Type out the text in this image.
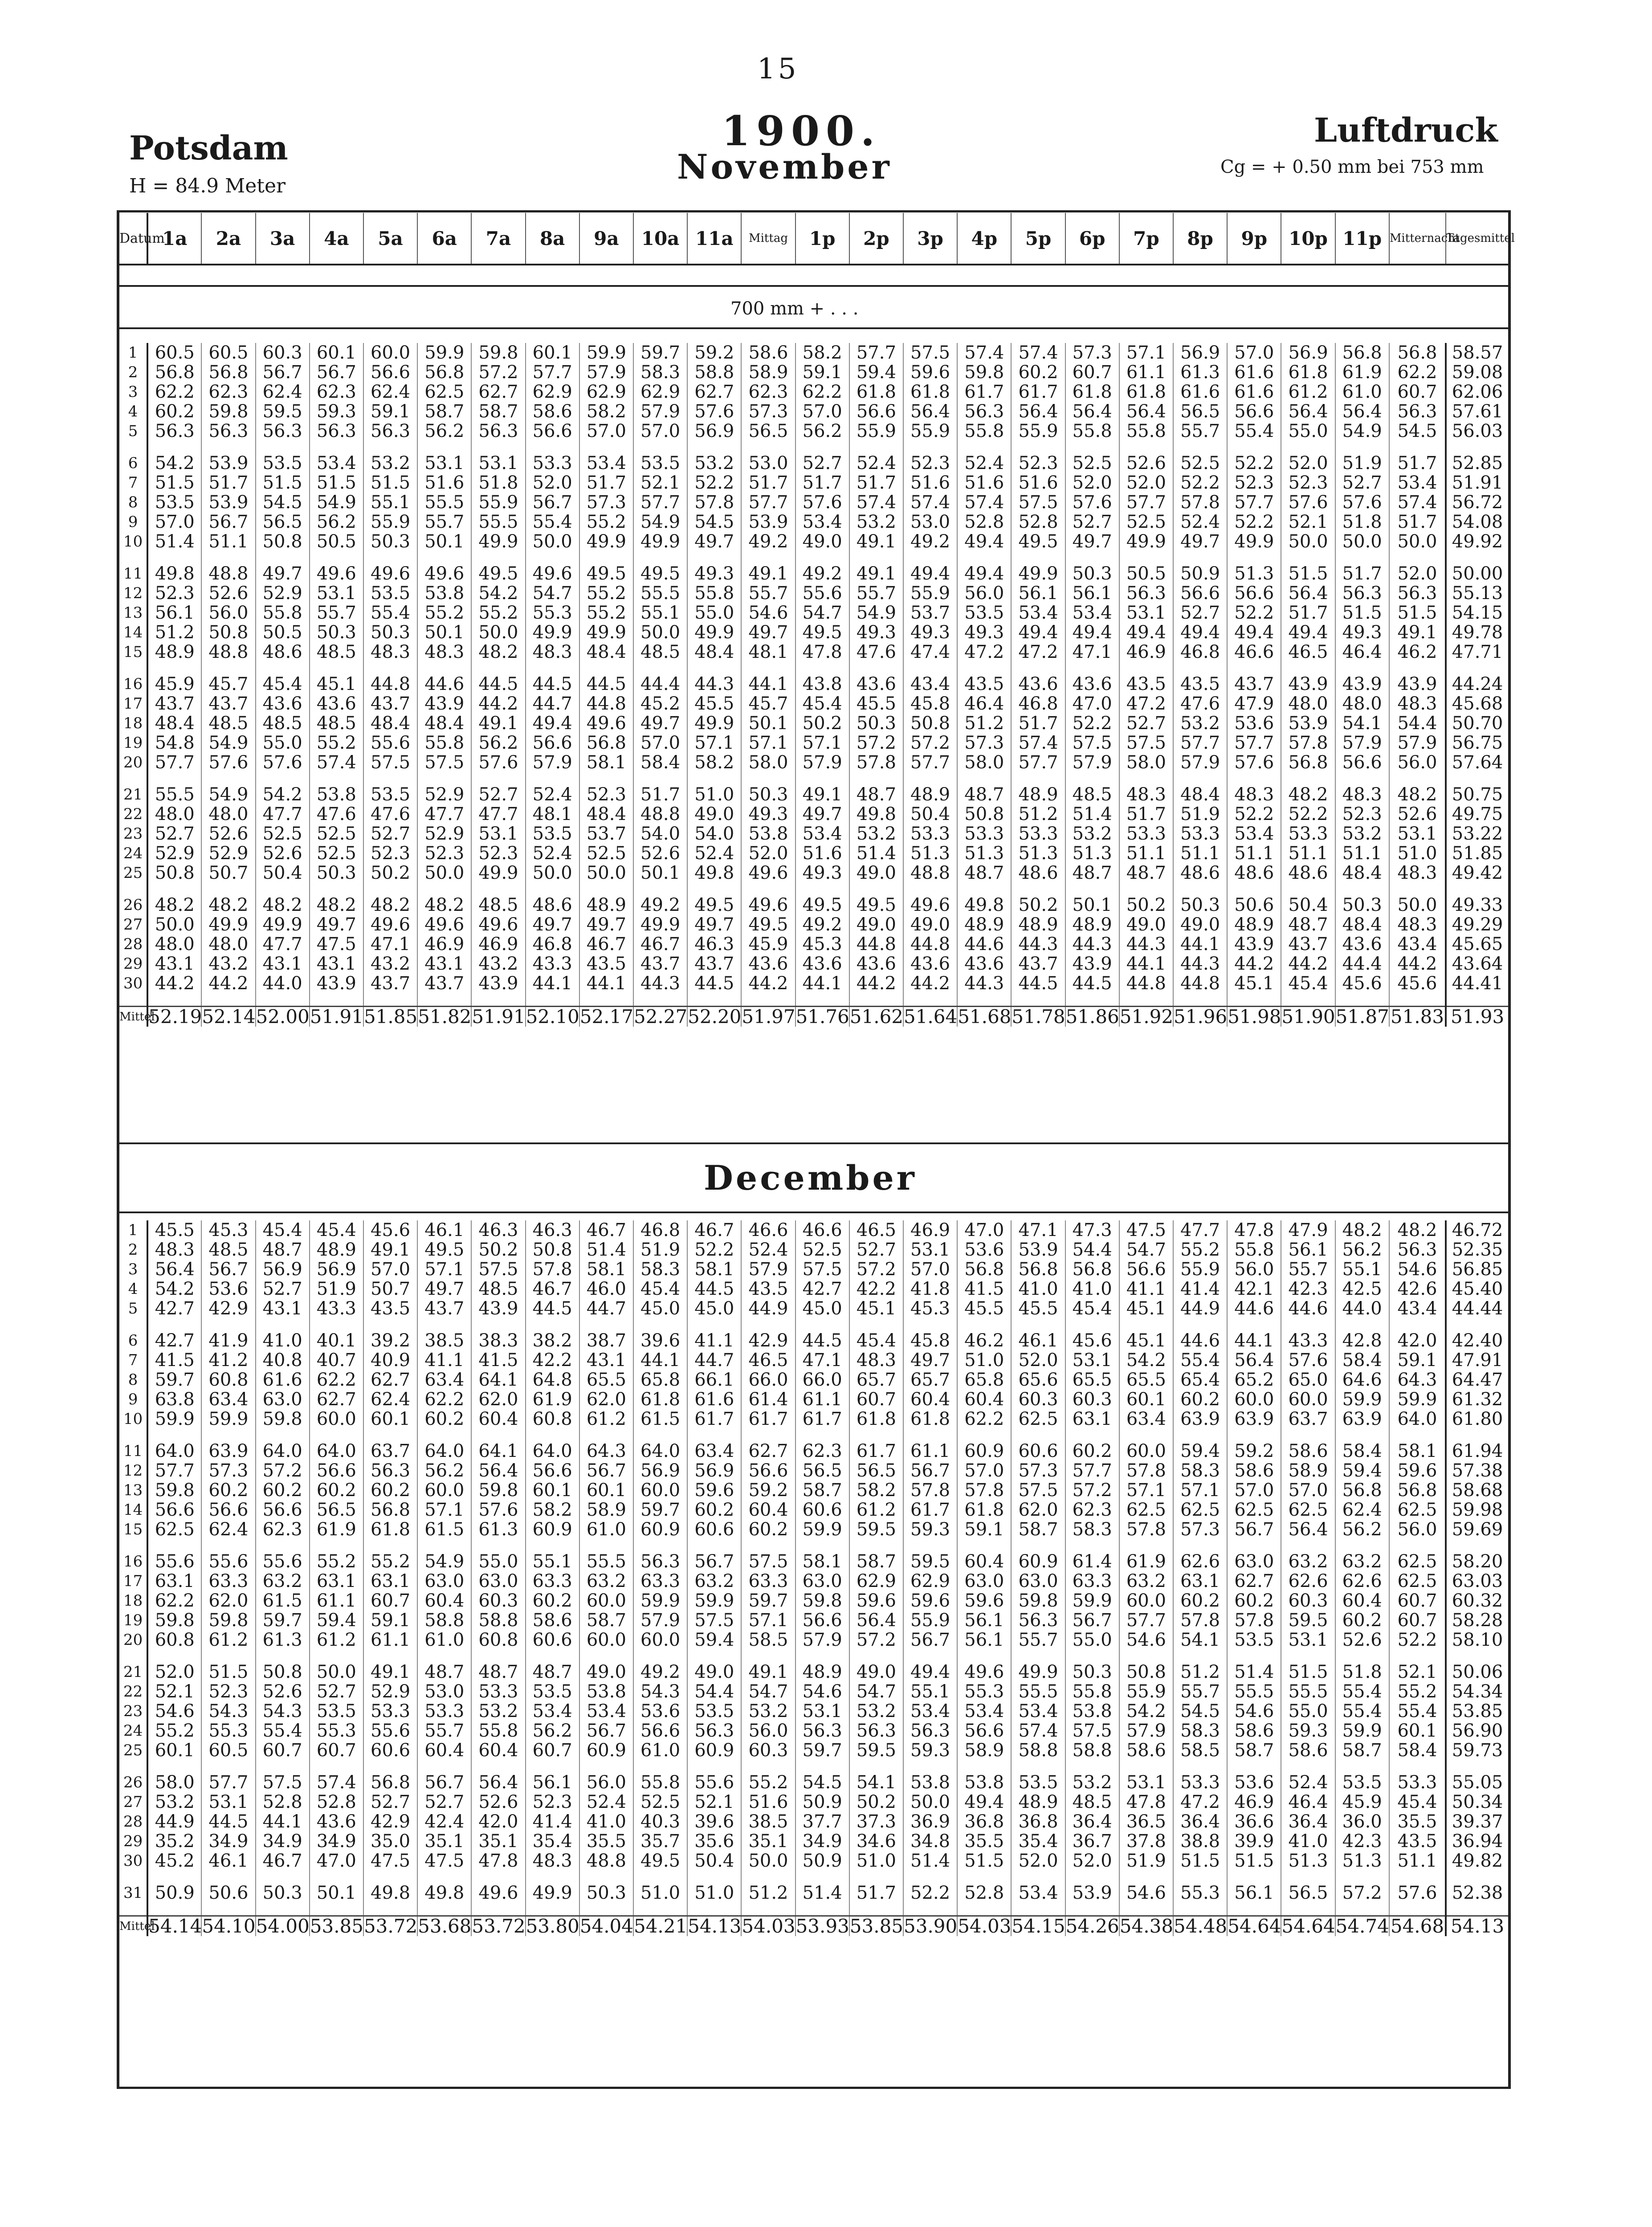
15
Potsdam
H = 84.9 Meter
1900.	Luftdruck
Cg = + 0.50 mm bei 753 mm
November
Datum	1a	2a	3a	4a	5a	6a	7a	8a	9a	10a	11a	Mittag	1p	2p	3p	4p	5p	6p	7p	8p	9p	10p	11p	Mitternacht	Tagesmittel
700 mm + . . .
1	60.5	60.5	60.3	60.1	60.0	59.9	59.8	60.1	59.9	59.7	59.2	58.6	58.2	57.7	57.5	57.4	57.4	57.3	57.1	56.9	57.0	56.9	56.8	56.8	58.57
2	56.8	56.8	56.7	56.7	56.6	56.8	57.2	57.7	57.9	58.3	58.8	58.9	59.1	59.4	59.6	59.8	60.2	60.7	61.1	61.3	61.6	61.8	61.9	62.2	59.08
3	62.2	62.3	62.4	62.3	62.4	62.5	62.7	62.9	62.9	62.9	62.7	62.3	62.2	61.8	61.8	61.7	61.7	61.8	61.8	61.6	61.6	61.2	61.0	60.7	62.06
4	60.2	59.8	59.5	59.3	59.1	58.7	58.7	58.6	58.2	57.9	57.6	57.3	57.0	56.6	56.4	56.3	56.4	56.4	56.4	56.5	56.6	56.4	56.4	56.3	57.61
5	56.3	56.3	56.3	56.3	56.3	56.2	56.3	56.6	57.0	57.0	56.9	56.5	56.2	55.9	55.9	55.8	55.9	55.8	55.8	55.7	55.4	55.0	54.9	54.5	56.03

6	54.2	53.9	53.5	53.4	53.2	53.1	53.1	53.3	53.4	53.5	53.2	53.0	52.7	52.4	52.3	52.4	52.3	52.5	52.6	52.5	52.2	52.0	51.9	51.7	52.85
7	51.5	51.7	51.5	51.5	51.5	51.6	51.8	52.0	51.7	52.1	52.2	51.7	51.7	51.7	51.6	51.6	51.6	52.0	52.0	52.2	52.3	52.3	52.7	53.4	51.91
8	53.5	53.9	54.5	54.9	55.1	55.5	55.9	56.7	57.3	57.7	57.8	57.7	57.6	57.4	57.4	57.4	57.5	57.6	57.7	57.8	57.7	57.6	57.6	57.4	56.72
9	57.0	56.7	56.5	56.2	55.9	55.7	55.5	55.4	55.2	54.9	54.5	53.9	53.4	53.2	53.0	52.8	52.8	52.7	52.5	52.4	52.2	52.1	51.8	51.7	54.08
10	51.4	51.1	50.8	50.5	50.3	50.1	49.9	50.0	49.9	49.9	49.7	49.2	49.0	49.1	49.2	49.4	49.5	49.7	49.9	49.7	49.9	50.0	50.0	50.0	49.92

11	49.8	48.8	49.7	49.6	49.6	49.6	49.5	49.6	49.5	49.5	49.3	49.1	49.2	49.1	49.4	49.4	49.9	50.3	50.5	50.9	51.3	51.5	51.7	52.0	50.00
12	52.3	52.6	52.9	53.1	53.5	53.8	54.2	54.7	55.2	55.5	55.8	55.7	55.6	55.7	55.9	56.0	56.1	56.1	56.3	56.6	56.6	56.4	56.3	56.3	55.13
13	56.1	56.0	55.8	55.7	55.4	55.2	55.2	55.3	55.2	55.1	55.0	54.6	54.7	54.9	53.7	53.5	53.4	53.4	53.1	52.7	52.2	51.7	51.5	51.5	54.15
14	51.2	50.8	50.5	50.3	50.3	50.1	50.0	49.9	49.9	50.0	49.9	49.7	49.5	49.3	49.3	49.3	49.4	49.4	49.4	49.4	49.4	49.4	49.3	49.1	49.78
15	48.9	48.8	48.6	48.5	48.3	48.3	48.2	48.3	48.4	48.5	48.4	48.1	47.8	47.6	47.4	47.2	47.2	47.1	46.9	46.8	46.6	46.5	46.4	46.2	47.71

16	45.9	45.7	45.4	45.1	44.8	44.6	44.5	44.5	44.5	44.4	44.3	44.1	43.8	43.6	43.4	43.5	43.6	43.6	43.5	43.5	43.7	43.9	43.9	43.9	44.24
17	43.7	43.7	43.6	43.6	43.7	43.9	44.2	44.7	44.8	45.2	45.5	45.7	45.4	45.5	45.8	46.4	46.8	47.0	47.2	47.6	47.9	48.0	48.0	48.3	45.68
18	48.4	48.5	48.5	48.5	48.4	48.4	49.1	49.4	49.6	49.7	49.9	50.1	50.2	50.3	50.8	51.2	51.7	52.2	52.7	53.2	53.6	53.9	54.1	54.4	50.70
19	54.8	54.9	55.0	55.2	55.6	55.8	56.2	56.6	56.8	57.0	57.1	57.1	57.1	57.2	57.2	57.3	57.4	57.5	57.5	57.7	57.7	57.8	57.9	57.9	56.75
20	57.7	57.6	57.6	57.4	57.5	57.5	57.6	57.9	58.1	58.4	58.2	58.0	57.9	57.8	57.7	58.0	57.7	57.9	58.0	57.9	57.6	56.8	56.6	56.0	57.64

21	55.5	54.9	54.2	53.8	53.5	52.9	52.7	52.4	52.3	51.7	51.0	50.3	49.1	48.7	48.9	48.7	48.9	48.5	48.3	48.4	48.3	48.2	48.3	48.2	50.75
22	48.0	48.0	47.7	47.6	47.6	47.7	47.7	48.1	48.4	48.8	49.0	49.3	49.7	49.8	50.4	50.8	51.2	51.4	51.7	51.9	52.2	52.2	52.3	52.6	49.75
23	52.7	52.6	52.5	52.5	52.7	52.9	53.1	53.5	53.7	54.0	54.0	53.8	53.4	53.2	53.3	53.3	53.3	53.2	53.3	53.3	53.4	53.3	53.2	53.1	53.22
24	52.9	52.9	52.6	52.5	52.3	52.3	52.3	52.4	52.5	52.6	52.4	52.0	51.6	51.4	51.3	51.3	51.3	51.3	51.1	51.1	51.1	51.1	51.1	51.0	51.85
25	50.8	50.7	50.4	50.3	50.2	50.0	49.9	50.0	50.0	50.1	49.8	49.6	49.3	49.0	48.8	48.7	48.6	48.7	48.7	48.6	48.6	48.6	48.4	48.3	49.42

26	48.2	48.2	48.2	48.2	48.2	48.2	48.5	48.6	48.9	49.2	49.5	49.6	49.5	49.5	49.6	49.8	50.2	50.1	50.2	50.3	50.6	50.4	50.3	50.0	49.33
27	50.0	49.9	49.9	49.7	49.6	49.6	49.6	49.7	49.7	49.9	49.7	49.5	49.2	49.0	49.0	48.9	48.9	48.9	49.0	49.0	48.9	48.7	48.4	48.3	49.29
28	48.0	48.0	47.7	47.5	47.1	46.9	46.9	46.8	46.7	46.7	46.3	45.9	45.3	44.8	44.8	44.6	44.3	44.3	44.3	44.1	43.9	43.7	43.6	43.4	45.65
29	43.1	43.2	43.1	43.1	43.2	43.1	43.2	43.3	43.5	43.7	43.7	43.6	43.6	43.6	43.6	43.6	43.7	43.9	44.1	44.3	44.2	44.2	44.4	44.2	43.64
30	44.2	44.2	44.0	43.9	43.7	43.7	43.9	44.1	44.1	44.3	44.5	44.2	44.1	44.2	44.2	44.3	44.5	44.5	44.8	44.8	45.1	45.4	45.6	45.6	44.41

Mittel	52.19	52.14	52.00	51.91	51.85	51.82	51.91	52.10	52.17	52.27	52.20	51.97	51.76	51.62	51.64	51.68	51.78	51.86	51.92	51.96	51.98	51.90	51.87	51.83	51.93
December
1	45.5	45.3	45.4	45.4	45.6	46.1	46.3	46.3	46.7	46.8	46.7	46.6	46.6	46.5	46.9	47.0	47.1	47.3	47.5	47.7	47.8	47.9	48.2	48.2	46.72
2	48.3	48.5	48.7	48.9	49.1	49.5	50.2	50.8	51.4	51.9	52.2	52.4	52.5	52.7	53.1	53.6	53.9	54.4	54.7	55.2	55.8	56.1	56.2	56.3	52.35
3	56.4	56.7	56.9	56.9	57.0	57.1	57.5	57.8	58.1	58.3	58.1	57.9	57.5	57.2	57.0	56.8	56.8	56.8	56.6	55.9	56.0	55.7	55.1	54.6	56.85
4	54.2	53.6	52.7	51.9	50.7	49.7	48.5	46.7	46.0	45.4	44.5	43.5	42.7	42.2	41.8	41.5	41.0	41.0	41.1	41.4	42.1	42.3	42.5	42.6	45.40
5	42.7	42.9	43.1	43.3	43.5	43.7	43.9	44.5	44.7	45.0	45.0	44.9	45.0	45.1	45.3	45.5	45.5	45.4	45.1	44.9	44.6	44.6	44.0	43.4	44.44

6	42.7	41.9	41.0	40.1	39.2	38.5	38.3	38.2	38.7	39.6	41.1	42.9	44.5	45.4	45.8	46.2	46.1	45.6	45.1	44.6	44.1	43.3	42.8	42.0	42.40
7	41.5	41.2	40.8	40.7	40.9	41.1	41.5	42.2	43.1	44.1	44.7	46.5	47.1	48.3	49.7	51.0	52.0	53.1	54.2	55.4	56.4	57.6	58.4	59.1	47.91
8	59.7	60.8	61.6	62.2	62.7	63.4	64.1	64.8	65.5	65.8	66.1	66.0	66.0	65.7	65.7	65.8	65.6	65.5	65.5	65.4	65.2	65.0	64.6	64.3	64.47
9	63.8	63.4	63.0	62.7	62.4	62.2	62.0	61.9	62.0	61.8	61.6	61.4	61.1	60.7	60.4	60.4	60.3	60.3	60.1	60.2	60.0	60.0	59.9	59.9	61.32
10	59.9	59.9	59.8	60.0	60.1	60.2	60.4	60.8	61.2	61.5	61.7	61.7	61.7	61.8	61.8	62.2	62.5	63.1	63.4	63.9	63.9	63.7	63.9	64.0	61.80

11	64.0	63.9	64.0	64.0	63.7	64.0	64.1	64.0	64.3	64.0	63.4	62.7	62.3	61.7	61.1	60.9	60.6	60.2	60.0	59.4	59.2	58.6	58.4	58.1	61.94
12	57.7	57.3	57.2	56.6	56.3	56.2	56.4	56.6	56.7	56.9	56.9	56.6	56.5	56.5	56.7	57.0	57.3	57.7	57.8	58.3	58.6	58.9	59.4	59.6	57.38
13	59.8	60.2	60.2	60.2	60.2	60.0	59.8	60.1	60.1	60.0	59.6	59.2	58.7	58.2	57.8	57.8	57.5	57.2	57.1	57.1	57.0	57.0	56.8	56.8	58.68
14	56.6	56.6	56.6	56.5	56.8	57.1	57.6	58.2	58.9	59.7	60.2	60.4	60.6	61.2	61.7	61.8	62.0	62.3	62.5	62.5	62.5	62.5	62.4	62.5	59.98
15	62.5	62.4	62.3	61.9	61.8	61.5	61.3	60.9	61.0	60.9	60.6	60.2	59.9	59.5	59.3	59.1	58.7	58.3	57.8	57.3	56.7	56.4	56.2	56.0	59.69

16	55.6	55.6	55.6	55.2	55.2	54.9	55.0	55.1	55.5	56.3	56.7	57.5	58.1	58.7	59.5	60.4	60.9	61.4	61.9	62.6	63.0	63.2	63.2	62.5	58.20
17	63.1	63.3	63.2	63.1	63.1	63.0	63.0	63.3	63.2	63.3	63.2	63.3	63.0	62.9	62.9	63.0	63.0	63.3	63.2	63.1	62.7	62.6	62.6	62.5	63.03
18	62.2	62.0	61.5	61.1	60.7	60.4	60.3	60.2	60.0	59.9	59.9	59.7	59.8	59.6	59.6	59.6	59.8	59.9	60.0	60.2	60.2	60.3	60.4	60.7	60.32
19	59.8	59.8	59.7	59.4	59.1	58.8	58.8	58.6	58.7	57.9	57.5	57.1	56.6	56.4	55.9	56.1	56.3	56.7	57.7	57.8	57.8	59.5	60.2	60.7	58.28
20	60.8	61.2	61.3	61.2	61.1	61.0	60.8	60.6	60.0	60.0	59.4	58.5	57.9	57.2	56.7	56.1	55.7	55.0	54.6	54.1	53.5	53.1	52.6	52.2	58.10

21	52.0	51.5	50.8	50.0	49.1	48.7	48.7	48.7	49.0	49.2	49.0	49.1	48.9	49.0	49.4	49.6	49.9	50.3	50.8	51.2	51.4	51.5	51.8	52.1	50.06
22	52.1	52.3	52.6	52.7	52.9	53.0	53.3	53.5	53.8	54.3	54.4	54.7	54.6	54.7	55.1	55.3	55.5	55.8	55.9	55.7	55.5	55.5	55.4	55.2	54.34
23	54.6	54.3	54.3	53.5	53.3	53.3	53.2	53.4	53.4	53.6	53.5	53.2	53.1	53.2	53.4	53.4	53.4	53.8	54.2	54.5	54.6	55.0	55.4	55.4	53.85
24	55.2	55.3	55.4	55.3	55.6	55.7	55.8	56.2	56.7	56.6	56.3	56.0	56.3	56.3	56.3	56.6	57.4	57.5	57.9	58.3	58.6	59.3	59.9	60.1	56.90
25	60.1	60.5	60.7	60.7	60.6	60.4	60.4	60.7	60.9	61.0	60.9	60.3	59.7	59.5	59.3	58.9	58.8	58.8	58.6	58.5	58.7	58.6	58.7	58.4	59.73

26	58.0	57.7	57.5	57.4	56.8	56.7	56.4	56.1	56.0	55.8	55.6	55.2	54.5	54.1	53.8	53.8	53.5	53.2	53.1	53.3	53.6	52.4	53.5	53.3	55.05
27	53.2	53.1	52.8	52.8	52.7	52.7	52.6	52.3	52.4	52.5	52.1	51.6	50.9	50.2	50.0	49.4	48.9	48.5	47.8	47.2	46.9	46.4	45.9	45.4	50.34
28	44.9	44.5	44.1	43.6	42.9	42.4	42.0	41.4	41.0	40.3	39.6	38.5	37.7	37.3	36.9	36.8	36.8	36.4	36.5	36.4	36.6	36.4	36.0	35.5	39.37
29	35.2	34.9	34.9	34.9	35.0	35.1	35.1	35.4	35.5	35.7	35.6	35.1	34.9	34.6	34.8	35.5	35.4	36.7	37.8	38.8	39.9	41.0	42.3	43.5	36.94
30	45.2	46.1	46.7	47.0	47.5	47.5	47.8	48.3	48.8	49.5	50.4	50.0	50.9	51.0	51.4	51.5	52.0	52.0	51.9	51.5	51.5	51.3	51.3	51.1	49.82

31	50.9	50.6	50.3	50.1	49.8	49.8	49.6	49.9	50.3	51.0	51.0	51.2	51.4	51.7	52.2	52.8	53.4	53.9	54.6	55.3	56.1	56.5	57.2	57.6	52.38

Mittel	54.14	54.10	54.00	53.85	53.72	53.68	53.72	53.80	54.04	54.21	54.13	54.03	53.93	53.85	53.90	54.03	54.15	54.26	54.38	54.48	54.64	54.64	54.74	54.68	54.13
